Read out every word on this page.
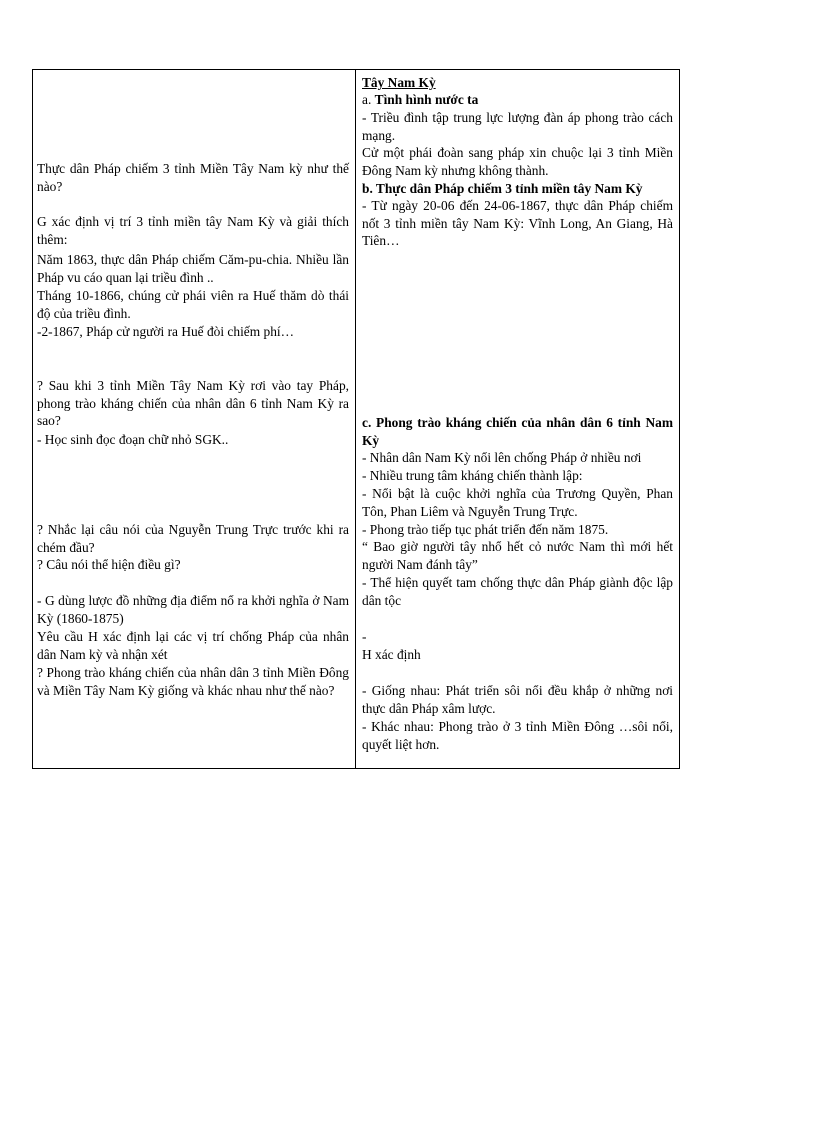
Thực dân Pháp chiếm 3 tỉnh Miền Tây Nam kỳ như thế nào?
G xác định vị trí 3 tỉnh miền tây Nam Kỳ và giải thích thêm:
Năm 1863, thực dân Pháp chiếm Căm-pu-chia. Nhiều lần Pháp vu cáo quan lại triều đình ..
Tháng 10-1866, chúng cử phái viên ra Huế thăm dò thái độ của triều đình.
-2-1867, Pháp cử người ra Huế đòi chiếm phí…
? Sau khi 3 tỉnh Miền Tây Nam Kỳ rơi vào tay Pháp, phong trào kháng chiến của nhân dân 6 tỉnh Nam Kỳ ra sao?
- Học sinh đọc đoạn chữ nhỏ SGK..
? Nhắc lại câu nói của Nguyễn Trung Trực trước khi ra chém đầu?
? Câu nói thể hiện điều gì?
- G dùng lược đồ những địa điểm nổ ra khởi nghĩa ở Nam Kỳ (1860-1875)
Yêu cầu H xác định lại các vị trí chống Pháp của nhân dân Nam kỳ và nhận xét
? Phong trào kháng chiến của nhân dân 3 tỉnh Miền Đông và Miền Tây Nam Kỳ giống và khác nhau như thế nào?
Tây Nam Kỳ
a. Tình hình nước ta
- Triều đình tập trung lực lượng đàn áp phong trào cách mạng.
Cử một phái đoàn sang pháp xin chuộc lại 3 tỉnh Miền Đông Nam kỳ nhưng không thành.
b. Thực dân Pháp chiếm 3 tỉnh miền tây Nam Kỳ
- Từ ngày 20-06 đến 24-06-1867, thực dân Pháp chiếm nốt 3 tỉnh miền tây Nam Kỳ: Vĩnh Long, An Giang, Hà Tiên…
c. Phong trào kháng chiến của nhân dân 6 tỉnh Nam Kỳ
- Nhân dân Nam Kỳ nổi lên chống Pháp ở nhiều nơi
- Nhiều trung tâm kháng chiến thành lập:
- Nổi bật là cuộc khởi nghĩa của Trương Quyền, Phan Tôn, Phan Liêm và Nguyễn Trung Trực.
- Phong trào tiếp tục phát triển đến năm 1875.
“ Bao giờ người tây nhổ hết cỏ nước Nam thì mới hết người Nam đánh tây”
- Thể hiện quyết tam chống thực dân Pháp giành độc lập dân tộc
-
H xác định
- Giống nhau: Phát triển sôi nổi đều khắp ở những nơi thực dân Pháp xâm lược.
- Khác nhau: Phong trào ở 3 tỉnh Miền Đông …sôi nổi, quyết liệt hơn.
